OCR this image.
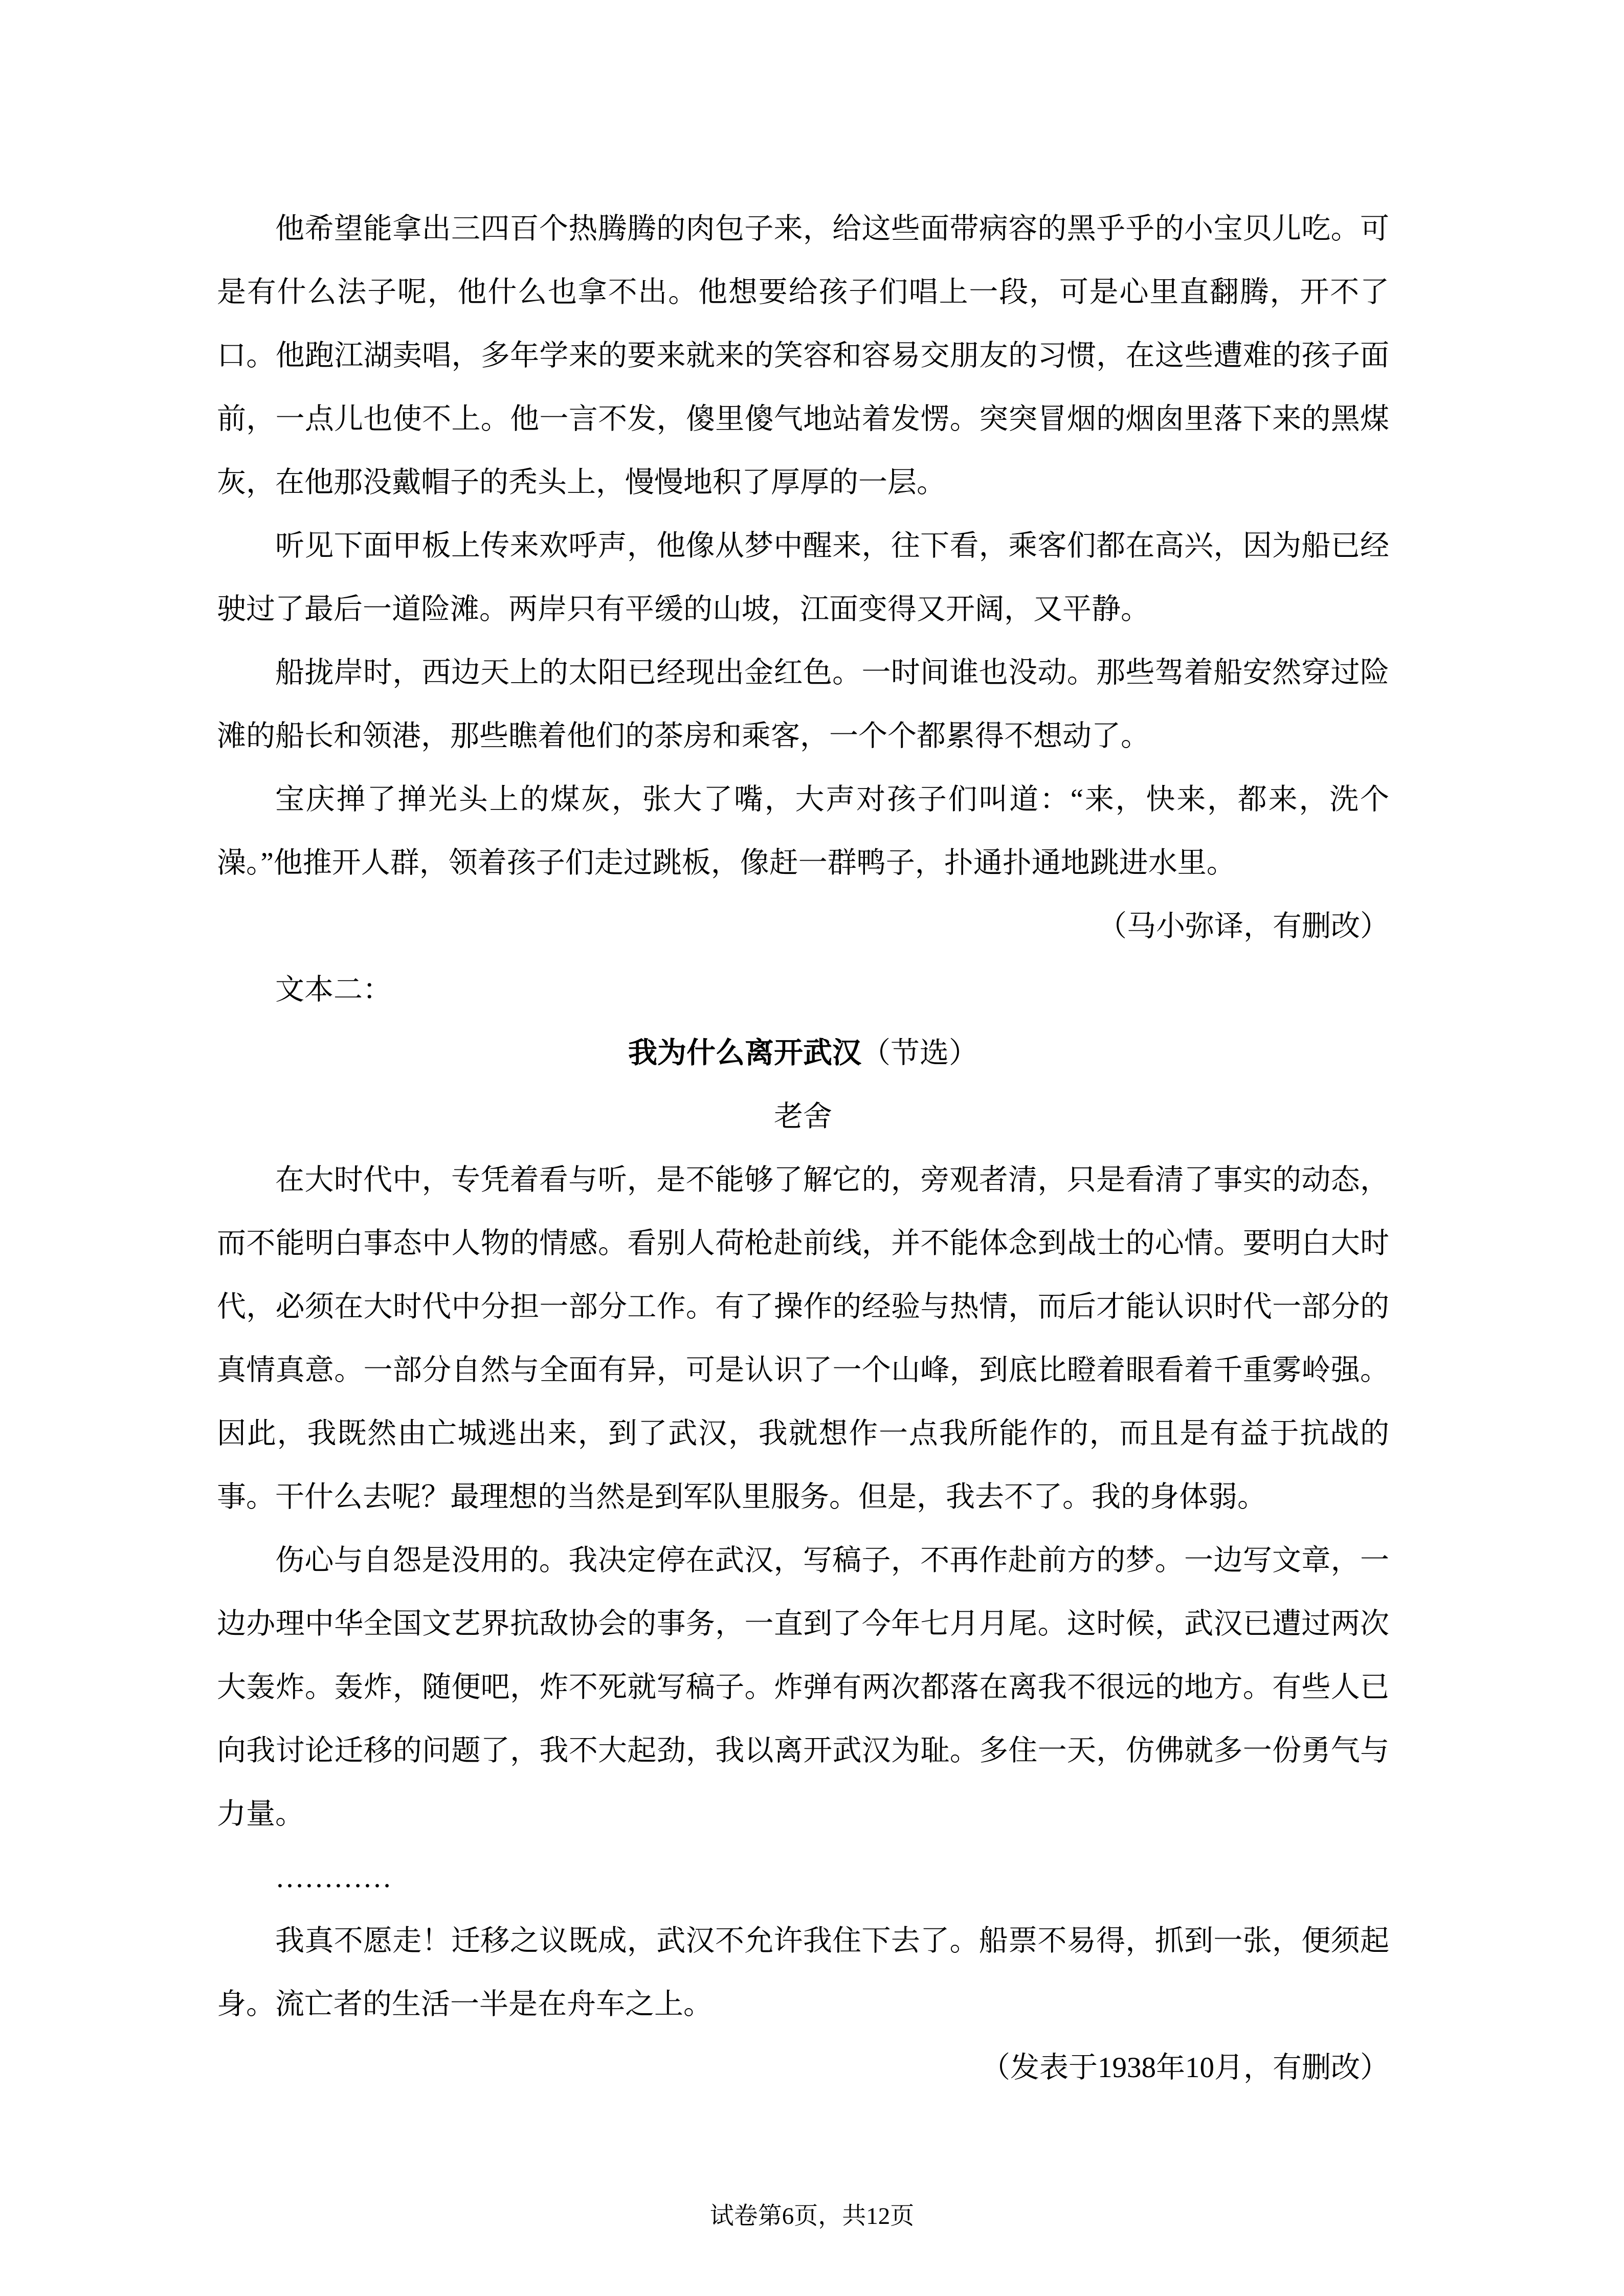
他希望能拿出三四百个热腾腾的肉包子来，给这些面带病容的黑乎乎的小宝贝儿吃。可是有什么法子呢，他什么也拿不出。他想要给孩子们唱上一段，可是心里直翻腾，开不了口。他跑江湖卖唱，多年学来的要来就来的笑容和容易交朋友的习惯，在这些遭难的孩子面前，一点儿也使不上。他一言不发，傻里傻气地站着发愣。突突冒烟的烟囱里落下来的黑煤灰，在他那没戴帽子的秃头上，慢慢地积了厚厚的一层。

听见下面甲板上传来欢呼声，他像从梦中醒来，往下看，乘客们都在高兴，因为船已经驶过了最后一道险滩。两岸只有平缓的山坡，江面变得又开阔，又平静。

船拢岸时，西边天上的太阳已经现出金红色。一时间谁也没动。那些驾着船安然穿过险滩的船长和领港，那些瞧着他们的茶房和乘客，一个个都累得不想动了。

宝庆掸了掸光头上的煤灰，张大了嘴，大声对孩子们叫道：“来，快来，都来，洗个澡。”他推开人群，领着孩子们走过跳板，像赶一群鸭子，扑通扑通地跳进水里。

（马小弥译，有删改）

文本二：

我为什么离开武汉（节选）

老舍

在大时代中，专凭着看与听，是不能够了解它的，旁观者清，只是看清了事实的动态，而不能明白事态中人物的情感。看别人荷枪赴前线，并不能体念到战士的心情。要明白大时代，必须在大时代中分担一部分工作。有了操作的经验与热情，而后才能认识时代一部分的真情真意。一部分自然与全面有异，可是认识了一个山峰，到底比瞪着眼看着千重雾岭强。因此，我既然由亡城逃出来，到了武汉，我就想作一点我所能作的，而且是有益于抗战的事。干什么去呢？最理想的当然是到军队里服务。但是，我去不了。我的身体弱。

伤心与自怨是没用的。我决定停在武汉，写稿子，不再作赴前方的梦。一边写文章，一边办理中华全国文艺界抗敌协会的事务，一直到了今年七月月尾。这时候，武汉已遭过两次大轰炸。轰炸，随便吧，炸不死就写稿子。炸弹有两次都落在离我不很远的地方。有些人已向我讨论迁移的问题了，我不大起劲，我以离开武汉为耻。多住一天，仿佛就多一份勇气与力量。

…………

我真不愿走！迁移之议既成，武汉不允许我住下去了。船票不易得，抓到一张，便须起身。流亡者的生活一半是在舟车之上。

（发表于1938年10月，有删改）

试卷第6页，共12页
